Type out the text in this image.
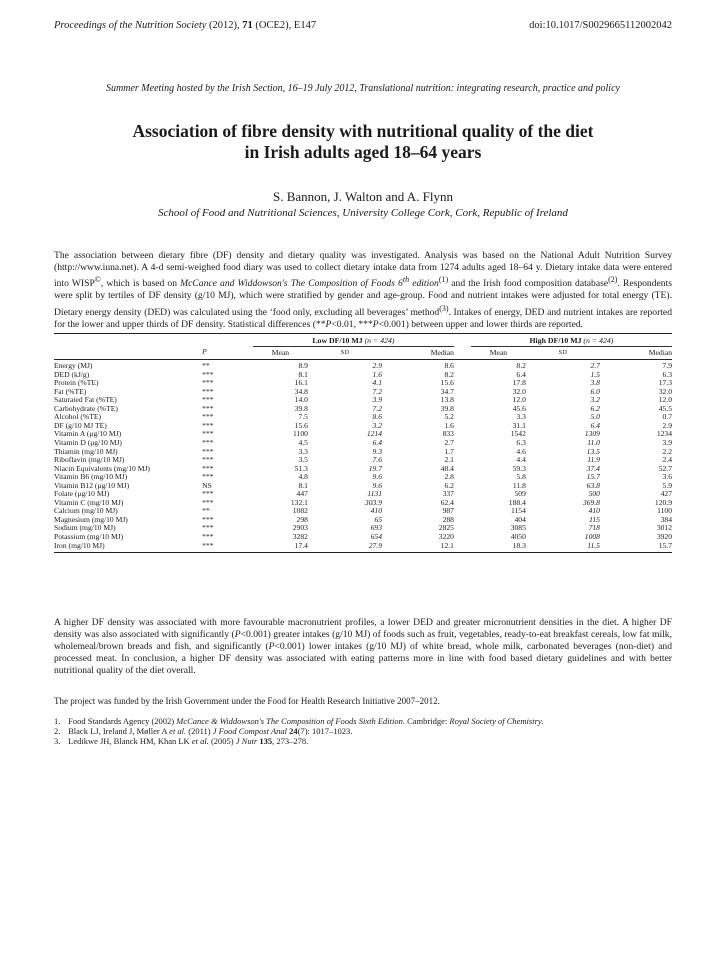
Proceedings of the Nutrition Society (2012), 71 (OCE2), E147	doi:10.1017/S0029665112002042
Summer Meeting hosted by the Irish Section, 16–19 July 2012, Translational nutrition: integrating research, practice and policy
Association of fibre density with nutritional quality of the diet
in Irish adults aged 18–64 years
S. Bannon, J. Walton and A. Flynn
School of Food and Nutritional Sciences, University College Cork, Cork, Republic of Ireland
The association between dietary fibre (DF) density and dietary quality was investigated. Analysis was based on the National Adult Nutrition Survey (http://www.iuna.net). A 4-d semi-weighed food diary was used to collect dietary intake data from 1274 adults aged 18–64 y. Dietary intake data were entered into WISP©, which is based on McCance and Widdowson's The Composition of Foods 6th edition$^{(1)}$ and the Irish food composition database$^{(2)}$. Respondents were split by tertiles of DF density (g/10 MJ), which were stratified by gender and age-group. Food and nutrient intakes were adjusted for total energy (TE). Dietary energy density (DED) was calculated using the ‘food only, excluding all beverages’ method$^{(3)}$. Intakes of energy, DED and nutrient intakes are reported for the lower and upper thirds of DF density. Statistical differences (**P<0.01, ***P<0.001) between upper and lower thirds are reported.
		Low DF/10 MJ (n = 424)				High DF/10 MJ (n = 424)		
	P	Mean	SD	Median		Mean	SD	Median
Energy (MJ)	**	8.9	2.9	8.6		8.2	2.7	7.9
DED (kJ/g)	***	8.1	1.6	8.2		6.4	1.5	6.3
Protein (%TE)	***	16.1	4.1	15.6		17.8	3.8	17.3
Fat (%TE)	***	34.8	7.2	34.7		32.0	6.0	32.0
Saturated Fat (%TE)	***	14.0	3.9	13.8		12.0	3.2	12.0
Carbohydrate (%TE)	***	39.8	7.2	39.8		45.6	6.2	45.5
Alcohol (%TE)	***	7.5	8.6	5.2		3.3	5.0	0.7
DF (g/10 MJ TE)	***	15.6	3.2	1.6		31.1	6.4	2.9
Vitamin A (μg/10 MJ)	***	1100	1214	833		1542	1309	1234
Vitamin D (μg/10 MJ)	***	4.5	6.4	2.7		6.3	11.0	3.9
Thiamin (mg/10 MJ)	***	3.3	9.3	1.7		4.6	13.5	2.2
Riboflavin (mg/10 MJ)	***	3.5	7.6	2.1		4.4	11.9	2.4
Niacin Equivalents (mg/10 MJ)	***	51.3	19.7	48.4		59.3	37.4	52.7
Vitamin B6 (mg/10 MJ)	***	4.8	9.6	2.8		5.8	15.7	3.6
Vitamin B12 (μg/10 MJ)	NS	8.1	9.6	6.2		11.8	63.8	5.9
Folate (μg/10 MJ)	***	447	1131	337		509	500	427
Vitamin C (mg/10 MJ)	***	132.1	303.9	62.4		188.4	369.8	120.9
Calcium (mg/10 MJ)	**	1082	410	987		1154	410	1100
Magnesium (mg/10 MJ)	***	298	65	288		404	115	384
Sodium (mg/10 MJ)	***	2903	693	2825		3085	718	3012
Potassium (mg/10 MJ)	***	3282	654	3220		4050	1008	3920
Iron (mg/10 MJ)	***	17.4	27.9	12.1		18.3	11.5	15.7
A higher DF density was associated with more favourable macronutrient profiles, a lower DED and greater micronutrient densities in the diet. A higher DF density was also associated with significantly (P<0.001) greater intakes (g/10 MJ) of foods such as fruit, vegetables, ready-to-eat breakfast cereals, low fat milk, wholemeal/brown breads and fish, and significantly (P<0.001) lower intakes (g/10 MJ) of white bread, whole milk, carbonated beverages (non-diet) and processed meat. In conclusion, a higher DF density was associated with eating patterns more in line with food based dietary guidelines and with better nutritional quality of the diet overall.
The project was funded by the Irish Government under the Food for Health Research Initiative 2007–2012.
1. Food Standards Agency (2002) McCance & Widdowson's The Composition of Foods Sixth Edition. Cambridge: Royal Society of Chemistry.
2. Black LJ, Ireland J, Møller A et al. (2011) J Food Compost Anal 24(7): 1017–1023.
3. Ledikwe JH, Blanck HM, Khan LK et al. (2005) J Nutr 135, 273–278.
